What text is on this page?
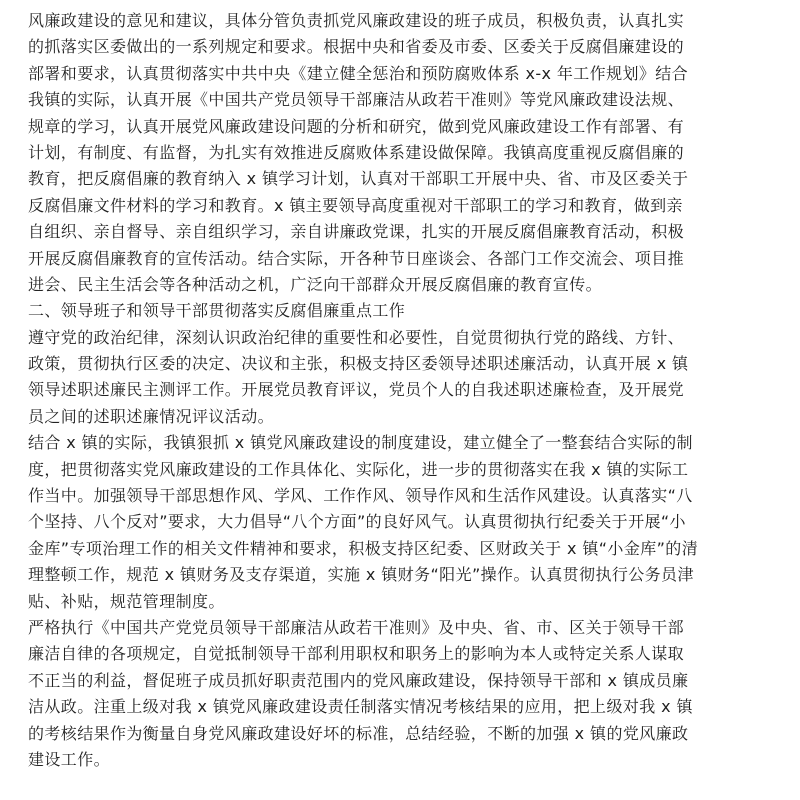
风廉政建设的意见和建议，具体分管负责抓党风廉政建设的班子成员，积极负责，认真扎实
的抓落实区委做出的一系列规定和要求。根据中央和省委及市委、区委关于反腐倡廉建设的
部署和要求，认真贯彻落实中共中央《建立健全惩治和预防腐败体系 x-x 年工作规划》结合
我镇的实际，认真开展《中国共产党员领导干部廉洁从政若干准则》等党风廉政建设法规、
规章的学习，认真开展党风廉政建设问题的分析和研究，做到党风廉政建设工作有部署、有
计划，有制度、有监督，为扎实有效推进反腐败体系建设做保障。我镇高度重视反腐倡廉的
教育，把反腐倡廉的教育纳入 x 镇学习计划，认真对干部职工开展中央、省、市及区委关于
反腐倡廉文件材料的学习和教育。x 镇主要领导高度重视对干部职工的学习和教育，做到亲
自组织、亲自督导、亲自组织学习，亲自讲廉政党课，扎实的开展反腐倡廉教育活动，积极
开展反腐倡廉教育的宣传活动。结合实际，开各种节日座谈会、各部门工作交流会、项目推
进会、民主生活会等各种活动之机，广泛向干部群众开展反腐倡廉的教育宣传。
二、领导班子和领导干部贯彻落实反腐倡廉重点工作
遵守党的政治纪律，深刻认识政治纪律的重要性和必要性，自觉贯彻执行党的路线、方针、
政策，贯彻执行区委的决定、决议和主张，积极支持区委领导述职述廉活动，认真开展 x 镇
领导述职述廉民主测评工作。开展党员教育评议，党员个人的自我述职述廉检查，及开展党
员之间的述职述廉情况评议活动。
结合 x 镇的实际，我镇狠抓 x 镇党风廉政建设的制度建设，建立健全了一整套结合实际的制
度，把贯彻落实党风廉政建设的工作具体化、实际化，进一步的贯彻落实在我 x 镇的实际工
作当中。加强领导干部思想作风、学风、工作作风、领导作风和生活作风建设。认真落实“八
个坚持、八个反对”要求，大力倡导“八个方面”的良好风气。认真贯彻执行纪委关于开展“小
金库”专项治理工作的相关文件精神和要求，积极支持区纪委、区财政关于 x 镇“小金库”的清
理整顿工作，规范 x 镇财务及支存渠道，实施 x 镇财务“阳光”操作。认真贯彻执行公务员津
贴、补贴，规范管理制度。
严格执行《中国共产党党员领导干部廉洁从政若干准则》及中央、省、市、区关于领导干部
廉洁自律的各项规定，自觉抵制领导干部利用职权和职务上的影响为本人或特定关系人谋取
不正当的利益，督促班子成员抓好职责范围内的党风廉政建设，保持领导干部和 x 镇成员廉
洁从政。注重上级对我 x 镇党风廉政建设责任制落实情况考核结果的应用，把上级对我 x 镇
的考核结果作为衡量自身党风廉政建设好坏的标准，总结经验，不断的加强 x 镇的党风廉政
建设工作。
